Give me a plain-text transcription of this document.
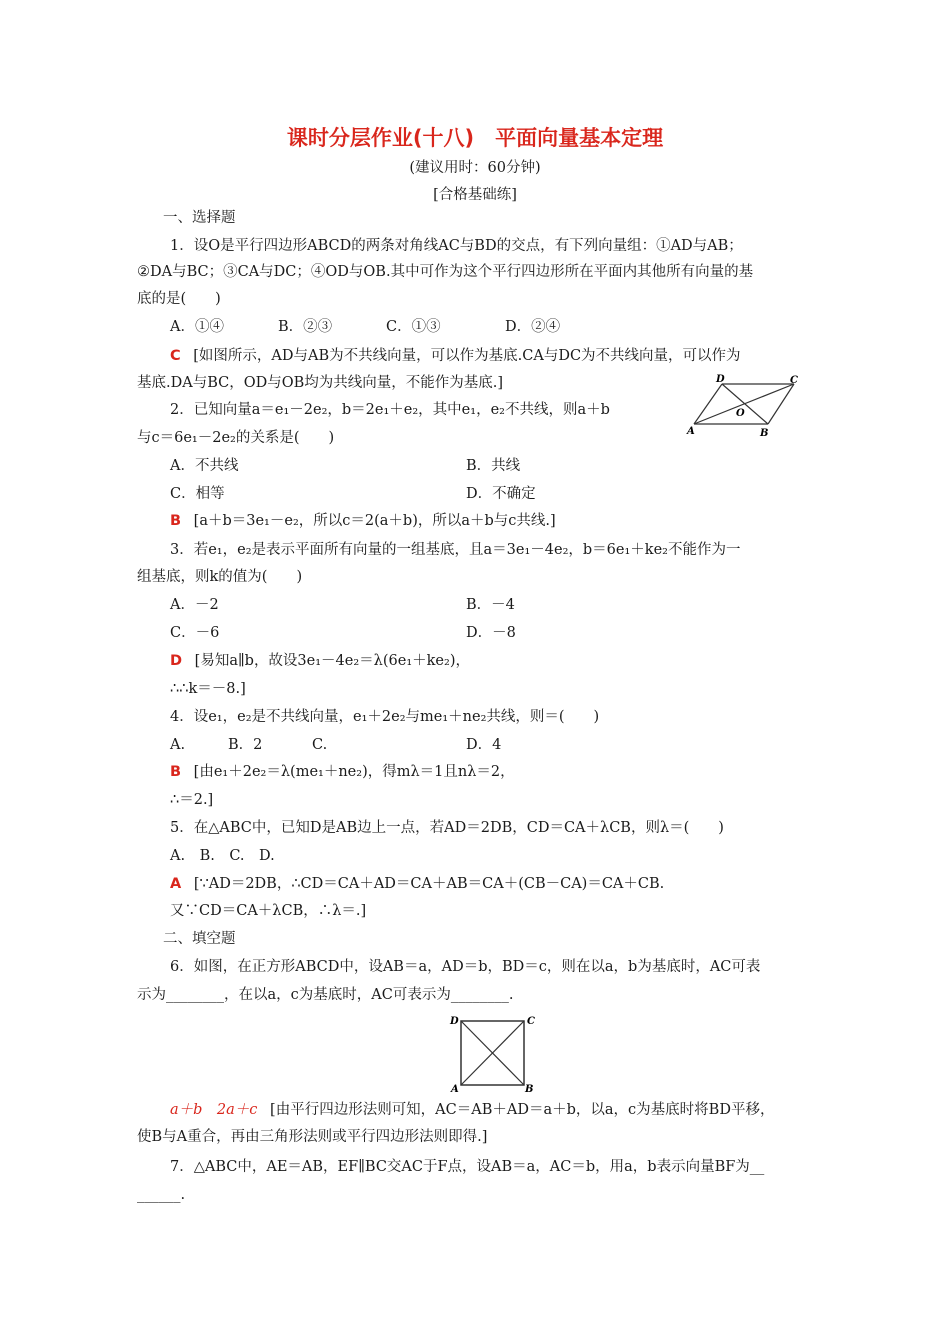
课时分层作业(十八)　平面向量基本定理
(建议用时：60分钟)
[合格基础练]
一、选择题
1．设O是平行四边形ABCD的两条对角线AC与BD的交点，有下列向量组：①AD与AB；
②DA与BC；③CA与DC；④OD与OB.其中可作为这个平行四边形所在平面内其他所有向量的基
底的是(　　)
A．①④	B．②③	C．①③	D．②④
C [如图所示，AD与AB为不共线向量，可以作为基底.CA与DC为不共线向量，可以作为
基底.DA与BC，OD与OB均为共线向量，不能作为基底.]	D	C
O
A	B
2．已知向量a＝e₁－2e₂，b＝2e₁＋e₂，其中e₁，e₂不共线，则a＋b
与c＝6e₁－2e₂的关系是(　　)
A．不共线	B．共线
C．相等	D．不确定
B [a＋b＝3e₁－e₂，所以c＝2(a＋b)，所以a＋b与c共线.]
3．若e₁，e₂是表示平面所有向量的一组基底，且a＝3e₁－4e₂，b＝6e₁＋ke₂不能作为一
组基底，则k的值为(　　)
A．－2	B．－4
C．－6	D．－8
D [易知a∥b，故设3e₁－4e₂＝λ(6e₁＋ke₂)，
∴∴k＝－8.]
4．设e₁，e₂是不共线向量，e₁＋2e₂与me₁＋ne₂共线，则＝(　　)
A.	B．2	C.	D．4
B [由e₁＋2e₂＝λ(me₁＋ne₂)，得mλ＝1且nλ＝2，
∴＝2.]
5．在△ABC中，已知D是AB边上一点，若AD＝2DB，CD＝CA＋λCB，则λ＝(　　)
A.　B.　C.　D.
A [∵AD＝2DB，∴CD＝CA＋AD＝CA＋AB＝CA＋(CB－CA)＝CA＋CB.
又∵CD＝CA＋λCB，∴λ＝.]
二、填空题
6．如图，在正方形ABCD中，设AB＝a，AD＝b，BD＝c，则在以a，b为基底时，AC可表
示为________，在以a，c为基底时，AC可表示为________.
D	C
A	B
a＋b　2a＋c [由平行四边形法则可知，AC＝AB＋AD＝a＋b，以a，c为基底时将BD平移，
使B与A重合，再由三角形法则或平行四边形法则即得.]
7．△ABC中，AE＝AB，EF∥BC交AC于F点，设AB＝a，AC＝b，用a，b表示向量BF为__
______.
